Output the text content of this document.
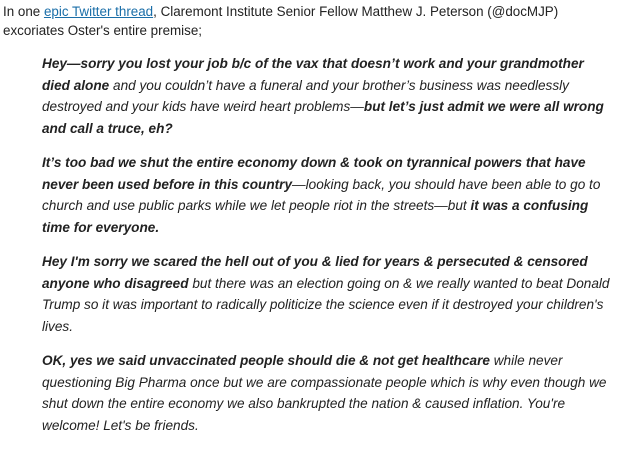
In one epic Twitter thread, Claremont Institute Senior Fellow Matthew J. Peterson (@docMJP) excoriates Oster's entire premise;

Hey—sorry you lost your job b/c of the vax that doesn’t work and your grandmother died alone and you couldn’t have a funeral and your brother’s business was needlessly destroyed and your kids have weird heart problems—but let’s just admit we were all wrong and call a truce, eh?

It’s too bad we shut the entire economy down & took on tyrannical powers that have never been used before in this country—looking back, you should have been able to go to church and use public parks while we let people riot in the streets—but it was a confusing time for everyone.

Hey I'm sorry we scared the hell out of you & lied for years & persecuted & censored anyone who disagreed but there was an election going on & we really wanted to beat Donald Trump so it was important to radically politicize the science even if it destroyed your children's lives.

OK, yes we said unvaccinated people should die & not get healthcare while never questioning Big Pharma once but we are compassionate people which is why even though we shut down the entire economy we also bankrupted the nation & caused inflation. You're welcome! Let's be friends.
